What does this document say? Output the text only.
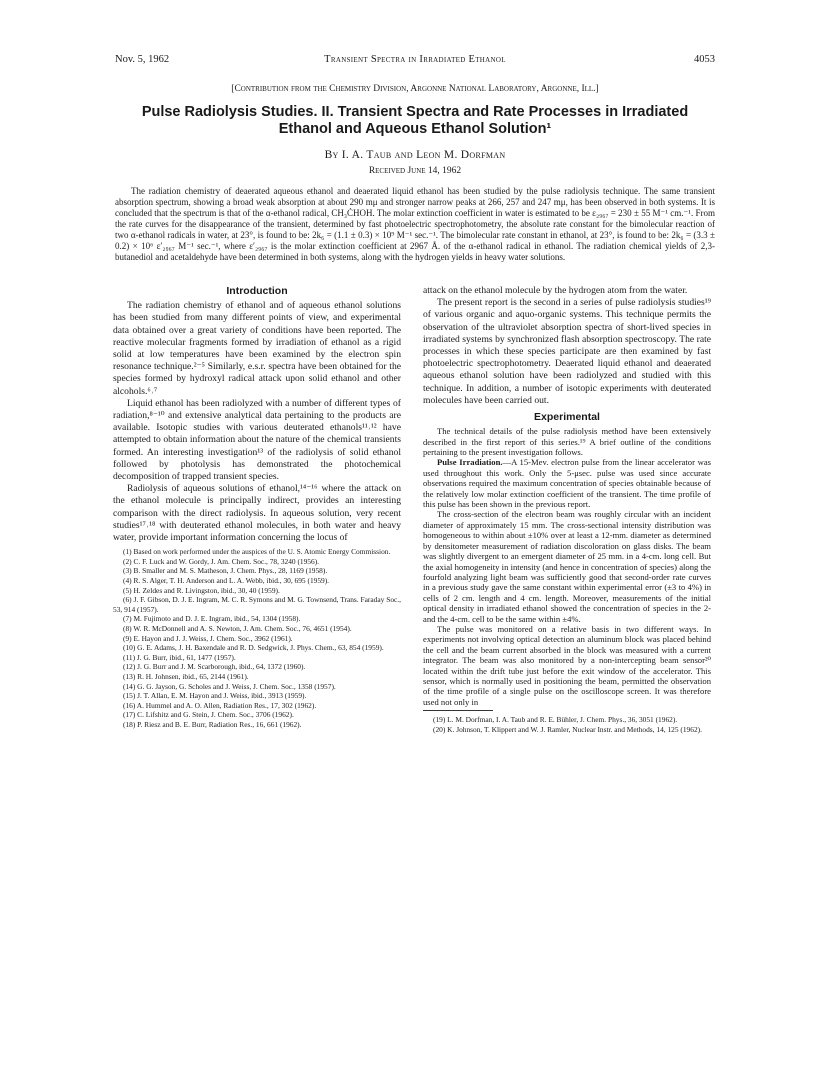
Nov. 5, 1962	Transient Spectra in Irradiated Ethanol	4053
[Contribution from the Chemistry Division, Argonne National Laboratory, Argonne, Ill.]
Pulse Radiolysis Studies. II. Transient Spectra and Rate Processes in Irradiated Ethanol and Aqueous Ethanol Solution¹
By I. A. Taub and Leon M. Dorfman
Received June 14, 1962
The radiation chemistry of deaerated aqueous ethanol and deaerated liquid ethanol has been studied by the pulse radiolysis technique. The same transient absorption spectrum, showing a broad weak absorption at about 290 mμ and stronger narrow peaks at 266, 257 and 247 mμ, has been observed in both systems. It is concluded that the spectrum is that of the α-ethanol radical, CH₃ĊHOH. The molar extinction coefficient in water is estimated to be ε₂₉₆₇ = 230 ± 55 M⁻¹ cm.⁻¹. From the rate curves for the disappearance of the transient, determined by fast photoelectric spectrophotometry, the absolute rate constant for the bimolecular reaction of two α-ethanol radicals in water, at 23°, is found to be: 2k₆ = (1.1 ± 0.3) × 10⁹ M⁻¹ sec.⁻¹. The bimolecular rate constant in ethanol, at 23°, is found to be: 2k₆ = (3.3 ± 0.2) × 10⁶ ε′₂₉₆₇ M⁻¹ sec.⁻¹, where ε′₂₉₆₇ is the molar extinction coefficient at 2967 Å. of the α-ethanol radical in ethanol. The radiation chemical yields of 2,3-butanediol and acetaldehyde have been determined in both systems, along with the hydrogen yields in heavy water solutions.
Introduction

The radiation chemistry of ethanol and of aqueous ethanol solutions has been studied from many different points of view, and experimental data obtained over a great variety of conditions have been reported. The reactive molecular fragments formed by irradiation of ethanol as a rigid solid at low temperatures have been examined by the electron spin resonance technique.²⁻⁵ Similarly, e.s.r. spectra have been obtained for the species formed by hydroxyl radical attack upon solid ethanol and other alcohols.⁶˒⁷

Liquid ethanol has been radiolyzed with a number of different types of radiation,⁸⁻¹⁰ and extensive analytical data pertaining to the products are available. Isotopic studies with various deuterated ethanols¹¹˒¹² have attempted to obtain information about the nature of the chemical transients formed. An interesting investigation¹³ of the radiolysis of solid ethanol followed by photolysis has demonstrated the photochemical decomposition of trapped transient species.

Radiolysis of aqueous solutions of ethanol,¹⁴⁻¹⁶ where the attack on the ethanol molecule is principally indirect, provides an interesting comparison with the direct radiolysis. In aqueous solution, very recent studies¹⁷˒¹⁸ with deuterated ethanol molecules, in both water and heavy water, provide important information concerning the locus of

(1) Based on work performed under the auspices of the U. S. Atomic Energy Commission.

(2) C. F. Luck and W. Gordy, J. Am. Chem. Soc., 78, 3240 (1956).

(3) B. Smaller and M. S. Matheson, J. Chem. Phys., 28, 1169 (1958).

(4) R. S. Alger, T. H. Anderson and L. A. Webb, ibid., 30, 695 (1959).

(5) H. Zeldes and R. Livingston, ibid., 30, 40 (1959).

(6) J. F. Gibson, D. J. E. Ingram, M. C. R. Symons and M. G. Townsend, Trans. Faraday Soc., 53, 914 (1957).

(7) M. Fujimoto and D. J. E. Ingram, ibid., 54, 1304 (1958).

(8) W. R. McDonnell and A. S. Newton, J. Am. Chem. Soc., 76, 4651 (1954).

(9) E. Hayon and J. J. Weiss, J. Chem. Soc., 3962 (1961).

(10) G. E. Adams, J. H. Baxendale and R. D. Sedgwick, J. Phys. Chem., 63, 854 (1959).

(11) J. G. Burr, ibid., 61, 1477 (1957).

(12) J. G. Burr and J. M. Scarborough, ibid., 64, 1372 (1960).

(13) R. H. Johnsen, ibid., 65, 2144 (1961).

(14) G. G. Jayson, G. Scholes and J. Weiss, J. Chem. Soc., 1358 (1957).

(15) J. T. Allan, E. M. Hayon and J. Weiss, ibid., 3913 (1959).

(16) A. Hummel and A. O. Allen, Radiation Res., 17, 302 (1962).

(17) C. Lifshitz and G. Stein, J. Chem. Soc., 3706 (1962).

(18) P. Riesz and B. E. Burr, Radiation Res., 16, 661 (1962).

attack on the ethanol molecule by the hydrogen atom from the water.

The present report is the second in a series of pulse radiolysis studies¹⁹ of various organic and aquo-organic systems. This technique permits the observation of the ultraviolet absorption spectra of short-lived species in irradiated systems by synchronized flash absorption spectroscopy. The rate processes in which these species participate are then examined by fast photoelectric spectrophotometry. Deaerated liquid ethanol and deaerated aqueous ethanol solution have been radiolyzed and studied with this technique. In addition, a number of isotopic experiments with deuterated molecules have been carried out.

Experimental

The technical details of the pulse radiolysis method have been extensively described in the first report of this series.¹⁹ A brief outline of the conditions pertaining to the present investigation follows.

Pulse Irradiation.—A 15-Mev. electron pulse from the linear accelerator was used throughout this work. Only the 5-μsec. pulse was used since accurate observations required the maximum concentration of species obtainable because of the relatively low molar extinction coefficient of the transient. The time profile of this pulse has been shown in the previous report.

The cross-section of the electron beam was roughly circular with an incident diameter of approximately 15 mm. The cross-sectional intensity distribution was homogeneous to within about ±10% over at least a 12-mm. diameter as determined by densitometer measurement of radiation discoloration on glass disks. The beam was slightly divergent to an emergent diameter of 25 mm. in a 4-cm. long cell. But the axial homogeneity in intensity (and hence in concentration of species) along the fourfold analyzing light beam was sufficiently good that second-order rate curves in a previous study gave the same constant within experimental error (±3 to 4%) in cells of 2 cm. length and 4 cm. length. Moreover, measurements of the initial optical density in irradiated ethanol showed the concentration of species in the 2- and the 4-cm. cell to be the same within ±4%.

The pulse was monitored on a relative basis in two different ways. In experiments not involving optical detection an aluminum block was placed behind the cell and the beam current absorbed in the block was measured with a current integrator. The beam was also monitored by a non-intercepting beam sensor²⁰ located within the drift tube just before the exit window of the accelerator. This sensor, which is normally used in positioning the beam, permitted the observation of the time profile of a single pulse on the oscilloscope screen. It was therefore used not only in

(19) L. M. Dorfman, I. A. Taub and R. E. Bühler, J. Chem. Phys., 36, 3051 (1962).

(20) K. Johnson, T. Klippert and W. J. Ramler, Nuclear Instr. and Methods, 14, 125 (1962).
